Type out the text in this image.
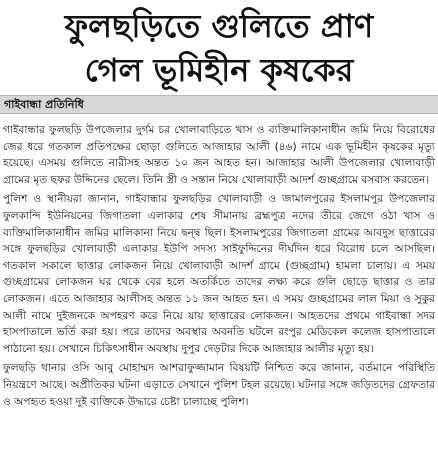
ফুলছড়িতে গুলিতে প্রাণ
গেল ভূমিহীন কৃষকের
গাইবান্ধা প্রতিনিধি

গাইবান্ধার ফুলছড়ি উপজেলার দুর্গম চর খোলাবাড়িতে খাস ও ব্যক্তিমালিকানাধীন জমি নিয়ে বিরোধের জের ধরে গতকাল প্রতিপক্ষের ছোড়া গুলিতে আজাহার আলী (৪৬) নামে এক ভূমিহীন কৃষকের মৃত্যু হয়েছে। এসময় গুলিতে নারীসহ অন্তত ১০ জন আহত হন। আজাহার আলী উপজেলার খোলাবাড়ী গ্রামের মৃত ছফর উদ্দিনের ছেলে। তিনি স্ত্রী ও সন্তান নিয়ে খোলাবাড়ী আদর্শ গুচ্ছগ্রামে বসবাস করতেন।

পুলিশ ও স্থানীয়রা জানান, গাইবান্ধার ফুলছড়ির খোলাবাড়ী ও জামালপুরের ইসলামপুর উপজেলার ফুলকান্দি ইউনিয়নের জিগাতলা এলাকার শেষ সীমানায় ব্রহ্মপুত্র নদের তীরে জেগে ওঠা খাস ও ব্যক্তিমালিকানাধীন জমির মালিকানা নিয়ে দ্বন্দ্ব ছিল। ইসলামপুরের জিগাতলা গ্রামের আবদুস ছাত্তারের সঙ্গে ফুলছড়ির খোলাবাড়ী এলাকার ইউপি সদস্য সাইফুদ্দিনের দীর্ঘদিন ধরে বিরোধ চলে আসছিল। গতকাল সকালে ছাত্তার লোকজন নিয়ে খোলাবাড়ী আদর্শ গ্রামে (গুচ্ছগ্রাম) হামলা চালায়। এ সময় গুচ্ছগ্রামের লোকজন ঘর থেকে বের হলে অতর্কিতে তাদের লক্ষ্য করে গুলি ছোড়ে ছাত্তার ও তার লোকজন। এতে আজাহার আলীসহ অন্তত ১১ জন আহত হন। এ সময় গুচ্ছগ্রামের লাল মিয়া ও সুকুর আলী নামে দুইজনকে অপহরণ করে নিয়ে যায় ছাত্তারের লোকজন। আহতদের প্রথমে গাইবান্ধা সদর হাসপাতালে ভর্তি করা হয়। পরে তাদের অবস্থার অবনতি ঘটলে রংপুর মেডিকেল কলেজ হাসপাতালে পাঠানো হয়। সেখানে চিকিৎসাধীন অবস্থায় দুপুর দেড়টার দিকে আজাহার আলীর মৃত্যু হয়।

ফুলছড়ি থানার ওসি আবু মোহাম্মদ আশরাফুজ্জামান বিষয়টি নিশ্চিত করে জানান, বর্তমানে পরিস্থিতি নিয়ন্ত্রণে আছে। অপ্রীতিকর ঘটনা এড়াতে সেখানে পুলিশ টহল রয়েছে। ঘটনার সঙ্গে জড়িতদের গ্রেফতার ও অপহৃত হওয়া দুই ব্যক্তিকে উদ্ধারে চেষ্টা চালাচ্ছে পুলিশ।
